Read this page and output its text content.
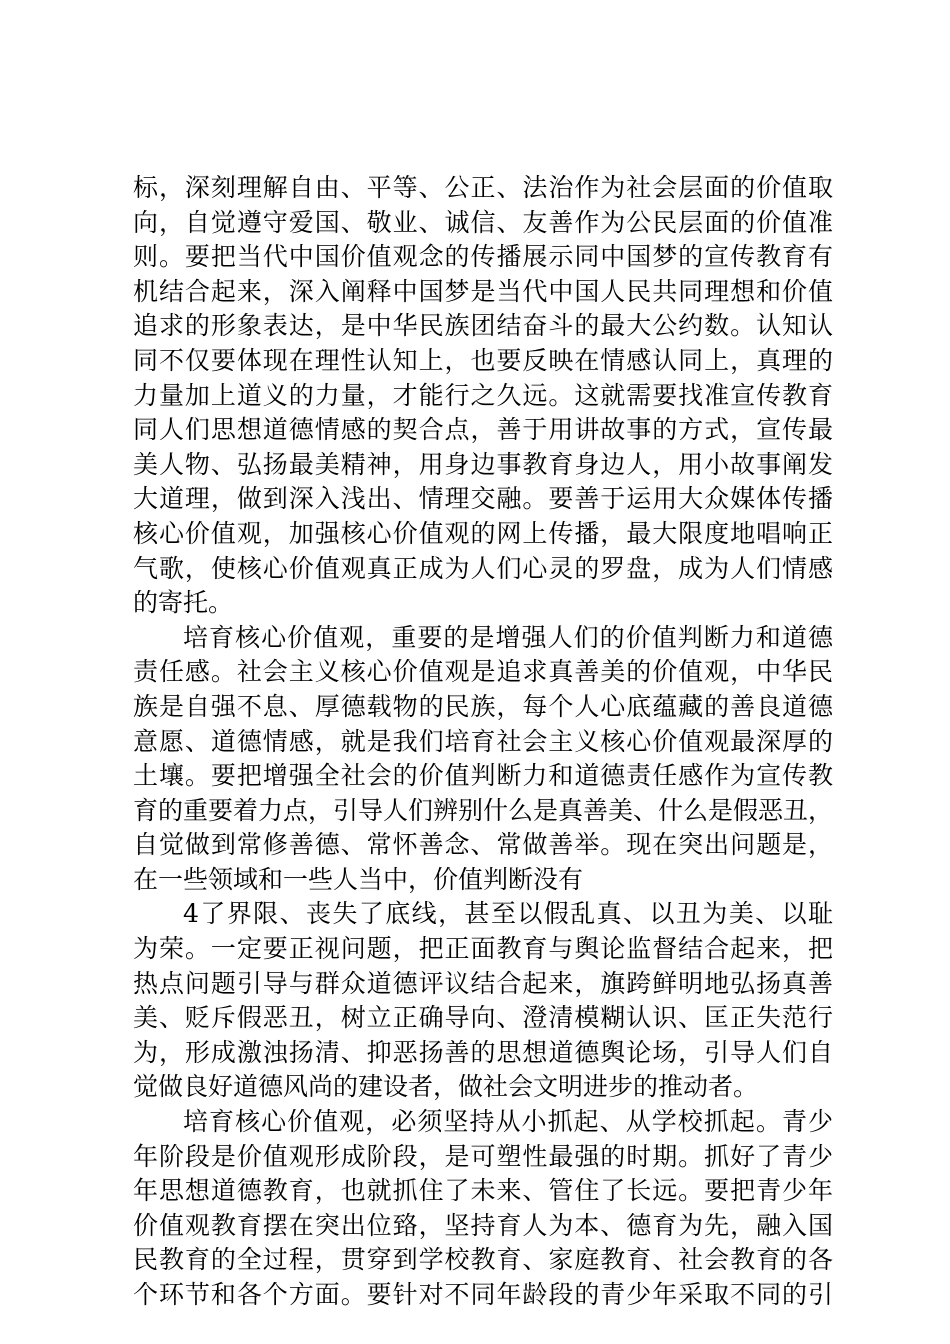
标，深刻理解自由、平等、公正、法治作为社会层面的价值取
向，自觉遵守爱国、敬业、诚信、友善作为公民层面的价值准
则。要把当代中国价值观念的传播展示同中国梦的宣传教育有
机结合起来，深入阐释中国梦是当代中国人民共同理想和价值
追求的形象表达，是中华民族团结奋斗的最大公约数。认知认
同不仅要体现在理性认知上，也要反映在情感认同上，真理的
力量加上道义的力量，才能行之久远。这就需要找准宣传教育
同人们思想道德情感的契合点，善于用讲故事的方式，宣传最
美人物、弘扬最美精神，用身边事教育身边人，用小故事阐发
大道理，做到深入浅出、情理交融。要善于运用大众媒体传播
核心价值观，加强核心价值观的网上传播，最大限度地唱响正
气歌，使核心价值观真正成为人们心灵的罗盘，成为人们情感
的寄托。
培育核心价值观，重要的是增强人们的价值判断力和道德
责任感。社会主义核心价值观是追求真善美的价值观，中华民
族是自强不息、厚德载物的民族，每个人心底蕴藏的善良道德
意愿、道德情感，就是我们培育社会主义核心价值观最深厚的
土壤。要把增强全社会的价值判断力和道德责任感作为宣传教
育的重要着力点，引导人们辨别什么是真善美、什么是假恶丑，
自觉做到常修善德、常怀善念、常做善举。现在突出问题是，
在一些领域和一些人当中，价值判断没有
4了界限、丧失了底线，甚至以假乱真、以丑为美、以耻
为荣。一定要正视问题，把正面教育与舆论监督结合起来，把
热点问题引导与群众道德评议结合起来，旗跨鲜明地弘扬真善
美、贬斥假恶丑，树立正确导向、澄清模糊认识、匡正失范行
为，形成激浊扬清、抑恶扬善的思想道德舆论场，引导人们自
觉做良好道德风尚的建设者，做社会文明进步的推动者。
培育核心价值观，必须坚持从小抓起、从学校抓起。青少
年阶段是价值观形成阶段，是可塑性最强的时期。抓好了青少
年思想道德教育，也就抓住了未来、管住了长远。要把青少年
价值观教育摆在突出位臵，坚持育人为本、德育为先，融入国
民教育的全过程，贯穿到学校教育、家庭教育、社会教育的各
个环节和各个方面。要针对不同年龄段的青少年采取不同的引
